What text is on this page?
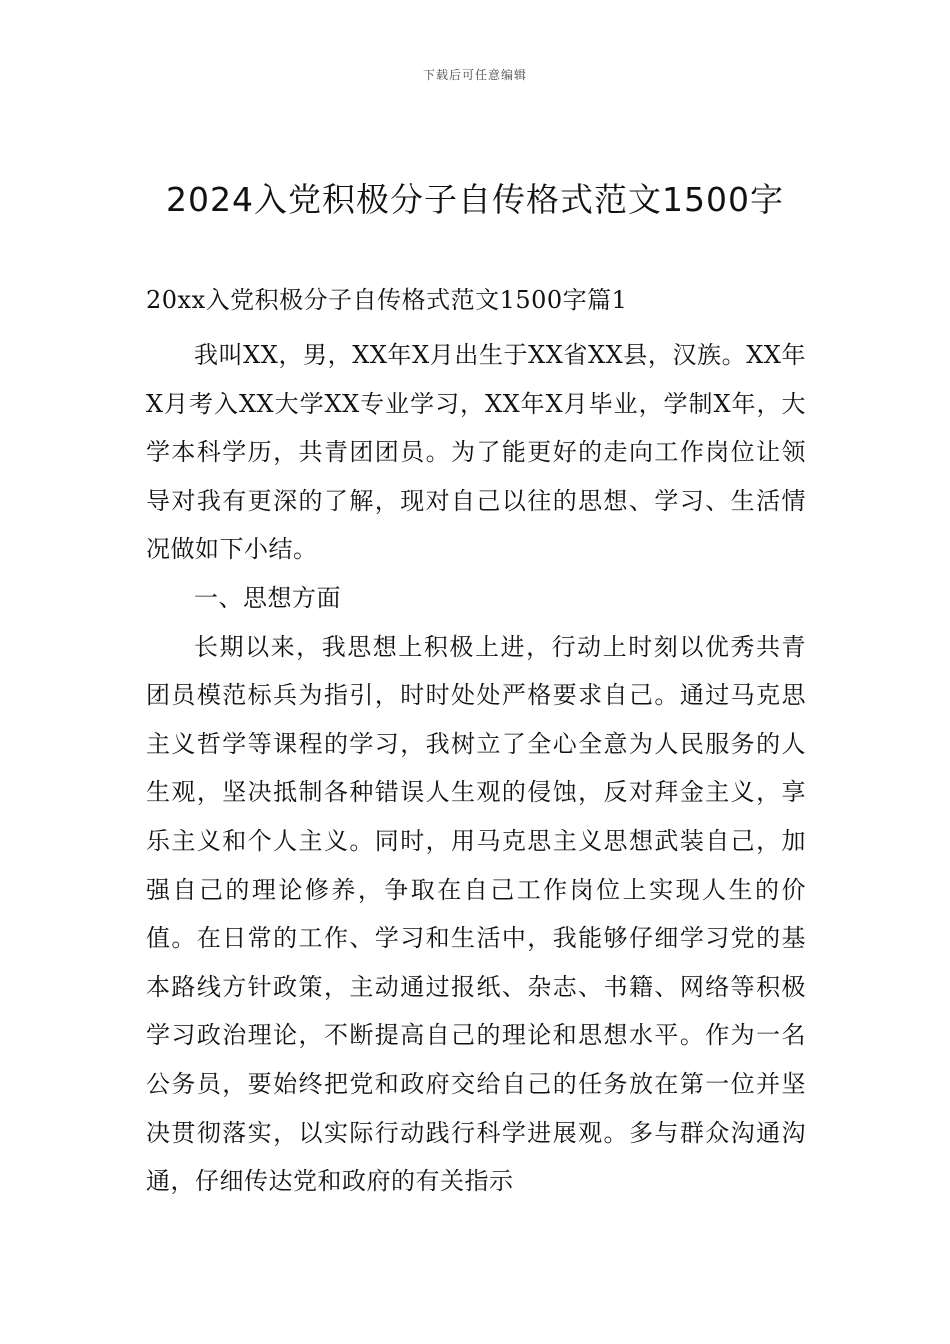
下载后可任意编辑
2024入党积极分子自传格式范文1500字

20xx入党积极分子自传格式范文1500字篇1

我叫XX，男，XX年X月出生于XX省XX县，汉族。XX年X月考入XX大学XX专业学习，XX年X月毕业，学制X年，大学本科学历，共青团团员。为了能更好的走向工作岗位让领导对我有更深的了解，现对自己以往的思想、学习、生活情况做如下小结。

一、思想方面

长期以来，我思想上积极上进，行动上时刻以优秀共青团员模范标兵为指引，时时处处严格要求自己。通过马克思主义哲学等课程的学习，我树立了全心全意为人民服务的人生观，坚决抵制各种错误人生观的侵蚀，反对拜金主义，享乐主义和个人主义。同时，用马克思主义思想武装自己，加强自己的理论修养，争取在自己工作岗位上实现人生的价值。在日常的工作、学习和生活中，我能够仔细学习党的基本路线方针政策，主动通过报纸、杂志、书籍、网络等积极学习政治理论，不断提高自己的理论和思想水平。作为一名公务员，要始终把党和政府交给自己的任务放在第一位并坚决贯彻落实，以实际行动践行科学进展观。多与群众沟通沟通，仔细传达党和政府的有关指示
